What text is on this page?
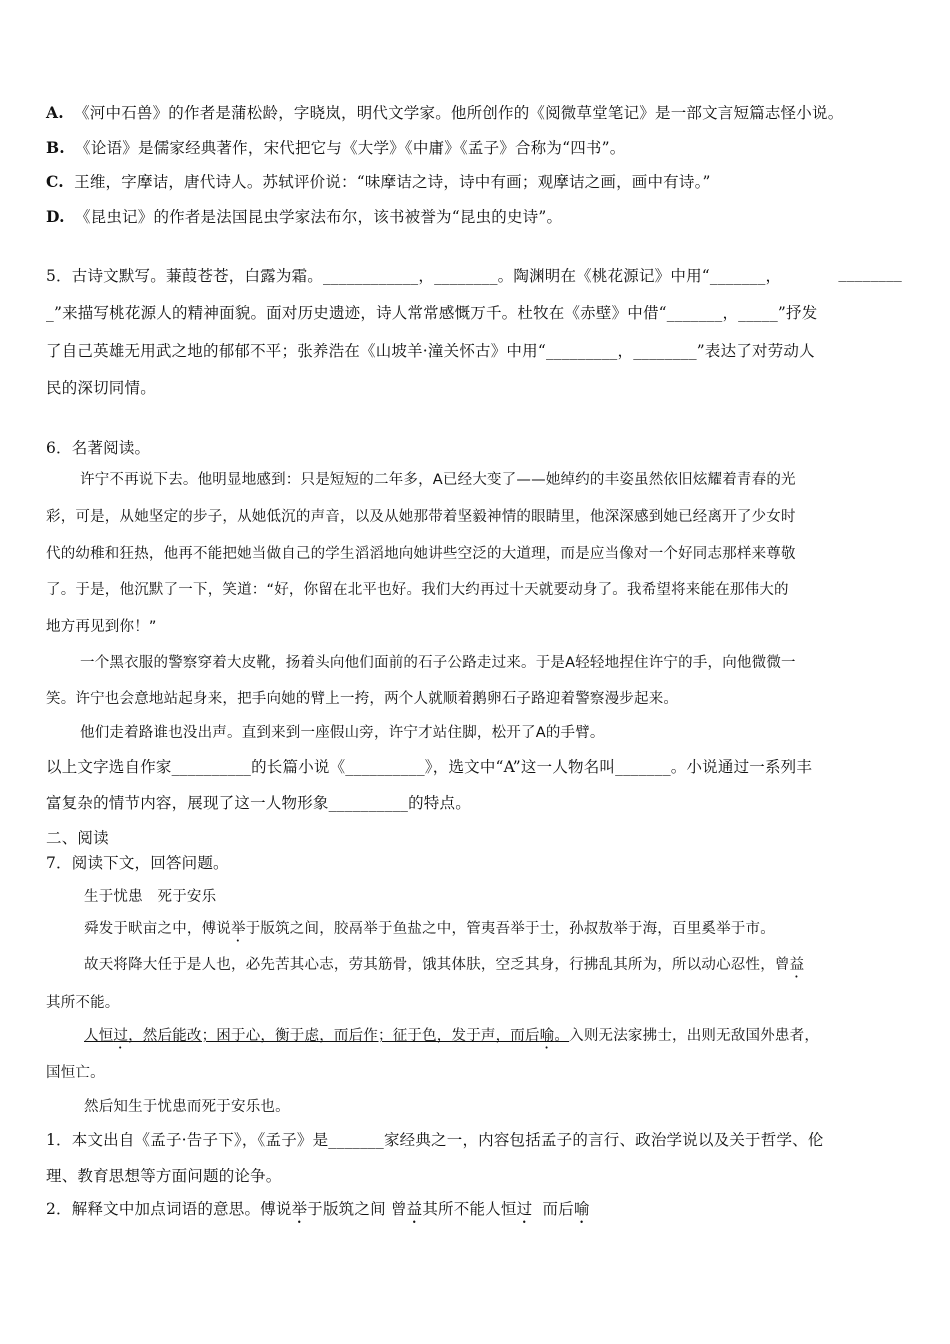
A. 《河中石兽》的作者是蒲松龄，字晓岚，明代文学家。他所创作的《阅微草堂笔记》是一部文言短篇志怪小说。
B. 《论语》是儒家经典著作，宋代把它与《大学》《中庸》《孟子》合称为“四书”。
C. 王维，字摩诘，唐代诗人。苏轼评价说：“味摩诘之诗，诗中有画；观摩诘之画，画中有诗。”
D. 《昆虫记》的作者是法国昆虫学家法布尔，该书被誉为“昆虫的史诗”。
5．古诗文默写。蒹葭苍苍，白露为霜。____________，________。陶渊明在《桃花源记》中用“_______，	________
_”来描写桃花源人的精神面貌。面对历史遗迹，诗人常常感慨万千。杜牧在《赤壁》中借“_______，_____”抒发
了自己英雄无用武之地的郁郁不平；张养浩在《山坡羊·潼关怀古》中用“_________，________”表达了对劳动人
民的深切同情。
6．名著阅读。
许宁不再说下去。他明显地感到：只是短短的二年多，A已经大变了——她绰约的丰姿虽然依旧炫耀着青春的光
彩，可是，从她坚定的步子，从她低沉的声音，以及从她那带着坚毅神情的眼睛里，他深深感到她已经离开了少女时
代的幼稚和狂热，他再不能把她当做自己的学生滔滔地向她讲些空泛的大道理，而是应当像对一个好同志那样来尊敬
了。于是，他沉默了一下，笑道：“好，你留在北平也好。我们大约再过十天就要动身了。我希望将来能在那伟大的
地方再见到你！”
一个黑衣服的警察穿着大皮靴，扬着头向他们面前的石子公路走过来。于是A轻轻地捏住许宁的手，向他微微一
笑。许宁也会意地站起身来，把手向她的臂上一挎，两个人就顺着鹅卵石子路迎着警察漫步起来。
他们走着路谁也没出声。直到来到一座假山旁，许宁才站住脚，松开了A的手臂。
以上文字选自作家__________的长篇小说《__________》，选文中“A”这一人物名叫_______。小说通过一系列丰
富复杂的情节内容，展现了这一人物形象__________的特点。
二、阅读
7．阅读下文，回答问题。
生于忧患　死于安乐
舜发于畎亩之中，傅说举于版筑之间，胶鬲举于鱼盐之中，管夷吾举于士，孙叔敖举于海，百里奚举于市。
故天将降大任于是人也，必先苦其心志，劳其筋骨，饿其体肤，空乏其身，行拂乱其所为，所以动心忍性，曾益
其所不能。
人恒过，然后能改；困于心，衡于虑，而后作；征于色，发于声，而后喻。入则无法家拂士，出则无敌国外患者，
国恒亡。
然后知生于忧患而死于安乐也。
1．本文出自《孟子·告子下》，《孟子》是_______家经典之一，内容包括孟子的言行、政治学说以及关于哲学、伦
理、教育思想等方面问题的论争。
2．解释文中加点词语的意思。傅说举于版筑之间 曾益其所不能人恒过 而后喻
